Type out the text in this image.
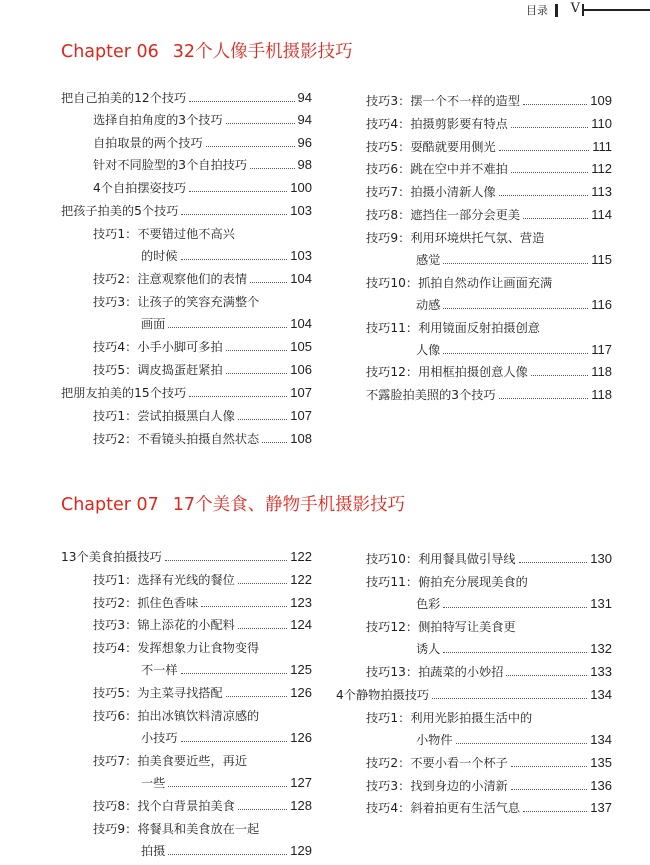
目录 V
Chapter 06 32个人像手机摄影技巧
把自己拍美的12个技巧	94
选择自拍角度的3个技巧	94
自拍取景的两个技巧	96
针对不同脸型的3个自拍技巧	98
4个自拍摆姿技巧	100
把孩子拍美的5个技巧	103
技巧1：不要错过他不高兴
的时候	103
技巧2：注意观察他们的表情	104
技巧3：让孩子的笑容充满整个
画面	104
技巧4：小手小脚可多拍	105
技巧5：调皮捣蛋赶紧拍	106
把朋友拍美的15个技巧	107
技巧1：尝试拍摄黑白人像	107
技巧2：不看镜头拍摄自然状态 108
技巧3：摆一个不一样的造型	109
技巧4：拍摄剪影要有特点	110
技巧5：耍酷就要用侧光	111
技巧6：跳在空中并不难拍	112
技巧7：拍摄小清新人像	113
技巧8：遮挡住一部分会更美	114
技巧9：利用环境烘托气氛、营造
感觉	115
技巧10：抓拍自然动作让画面充满
动感	116
技巧11：利用镜面反射拍摄创意
人像	117
技巧12：用相框拍摄创意人像	118
不露脸拍美照的3个技巧	118
Chapter 07 17个美食、静物手机摄影技巧
13个美食拍摄技巧	122
技巧1：选择有光线的餐位	122
技巧2：抓住色香味	123
技巧3：锦上添花的小配料	124
技巧4：发挥想象力让食物变得
不一样	125
技巧5：为主菜寻找搭配	126
技巧6：拍出冰镇饮料清凉感的
小技巧	126
技巧7：拍美食要近些，再近
一些	127
技巧8：找个白背景拍美食	128
技巧9：将餐具和美食放在一起
拍摄	129
技巧10：利用餐具做引导线	130
技巧11：俯拍充分展现美食的
色彩	131
技巧12：侧拍特写让美食更
诱人	132
技巧13：拍蔬菜的小妙招	133
4个静物拍摄技巧	134
技巧1：利用光影拍摄生活中的
小物件	134
技巧2：不要小看一个杯子	135
技巧3：找到身边的小清新	136
技巧4：斜着拍更有生活气息	137
